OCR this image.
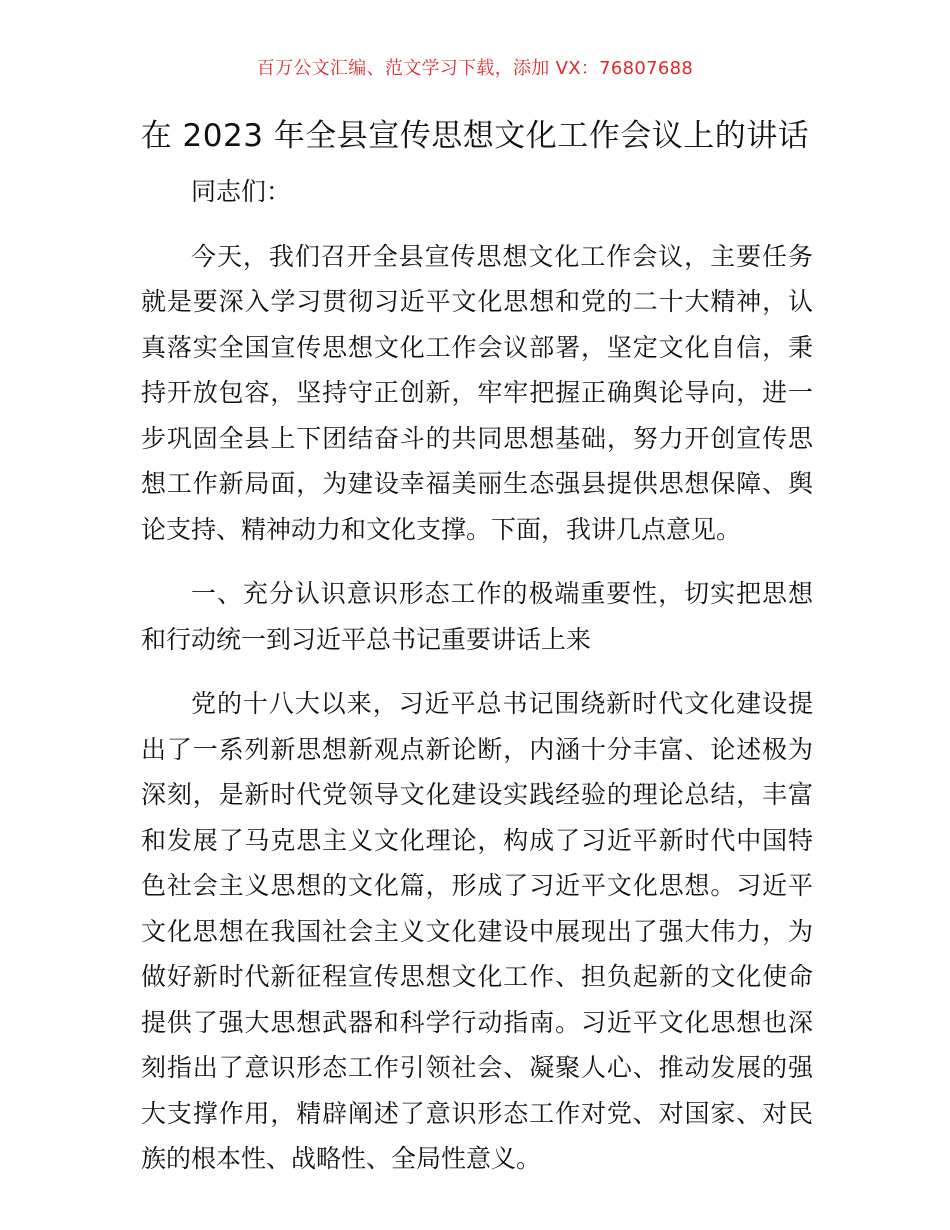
百万公文汇编、范文学习下载，添加 VX：76807688
在 2023 年全县宣传思想文化工作会议上的讲话

同志们：

今天，我们召开全县宣传思想文化工作会议，主要任务就是要深入学习贯彻习近平文化思想和党的二十大精神，认真落实全国宣传思想文化工作会议部署，坚定文化自信，秉持开放包容，坚持守正创新，牢牢把握正确舆论导向，进一步巩固全县上下团结奋斗的共同思想基础，努力开创宣传思想工作新局面，为建设幸福美丽生态强县提供思想保障、舆论支持、精神动力和文化支撑。下面，我讲几点意见。

一、充分认识意识形态工作的极端重要性，切实把思想和行动统一到习近平总书记重要讲话上来

党的十八大以来，习近平总书记围绕新时代文化建设提出了一系列新思想新观点新论断，内涵十分丰富、论述极为深刻，是新时代党领导文化建设实践经验的理论总结，丰富和发展了马克思主义文化理论，构成了习近平新时代中国特色社会主义思想的文化篇，形成了习近平文化思想。习近平文化思想在我国社会主义文化建设中展现出了强大伟力，为做好新时代新征程宣传思想文化工作、担负起新的文化使命提供了强大思想武器和科学行动指南。习近平文化思想也深刻指出了意识形态工作引领社会、凝聚人心、推动发展的强大支撑作用，精辟阐述了意识形态工作对党、对国家、对民族的根本性、战略性、全局性意义。
